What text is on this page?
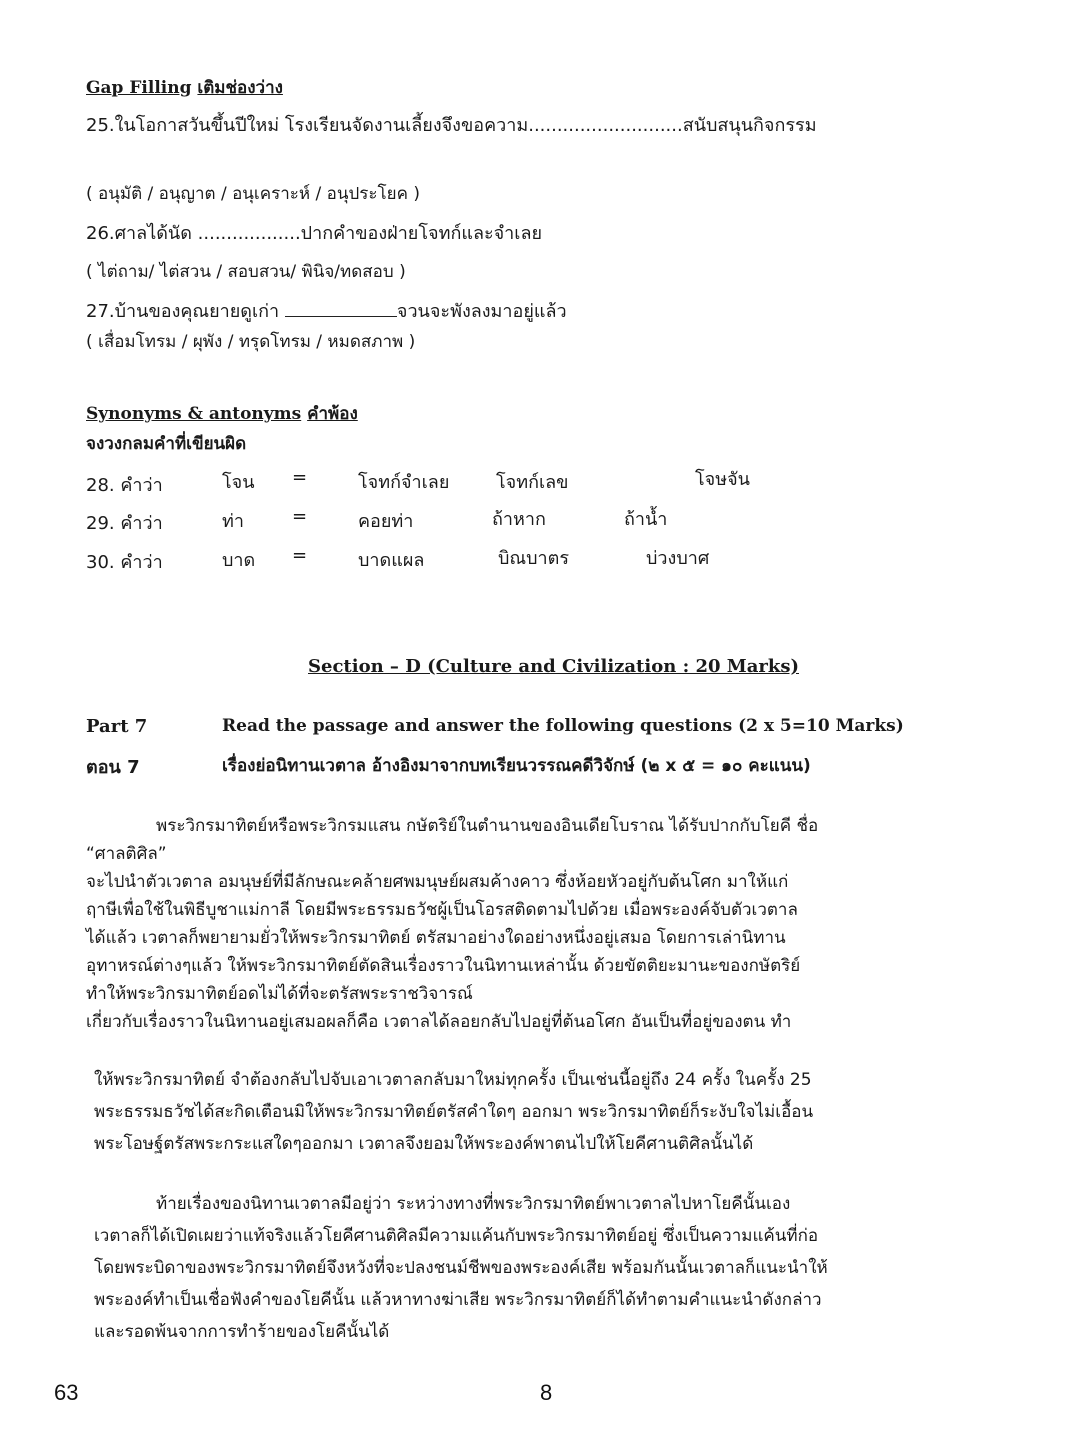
Gap Filling เติมช่องว่าง
25.ในโอกาสวันขึ้นปีใหม่ โรงเรียนจัดงานเลี้ยงจึงขอความ...........................สนับสนุนกิจกรรม
( อนุมัติ / อนุญาต / อนุเคราะห์ / อนุประโยค )
26.ศาลได้นัด ..................ปากคำของฝ่ายโจทก์และจำเลย
( ไต่ถาม/ ไต่สวน / สอบสวน/ พินิจ/ทดสอบ )
27.บ้านของคุณยายดูเก่า	จวนจะพังลงมาอยู่แล้ว
( เสื่อมโทรม / ผุพัง / ทรุดโทรม / หมดสภาพ )
Synonyms & antonyms คำพ้อง
จงวงกลมคำที่เขียนผิด
28. คำว่า	โจน =	โจทก์จำเลย	โจทก์เลข	โจษจัน
29. คำว่า	ท่า	=	คอยท่า	ถ้าหาก	ถ้าน้ำ
30. คำว่า	บาด =	บาดแผล	บิณบาตร	บ่วงบาศ
Section – D (Culture and Civilization : 20 Marks)
Part 7	Read the passage and answer the following questions (2 x 5=10 Marks)
ตอน 7	เรื่องย่อนิทานเวตาล อ้างอิงมาจากบทเรียนวรรณคดีวิจักษ์ (๒ x ๕ = ๑๐ คะแนน)
พระวิกรมาทิตย์หรือพระวิกรมแสน กษัตริย์ในตำนานของอินเดียโบราณ ได้รับปากกับโยคี ชื่อ
“ศาลติศิล”
จะไปนำตัวเวตาล อมนุษย์ที่มีลักษณะคล้ายศพมนุษย์ผสมค้างคาว ซึ่งห้อยหัวอยู่กับต้นโศก มาให้แก่
ฤาษีเพื่อใช้ในพิธีบูชาแม่กาลี โดยมีพระธรรมธวัชผู้เป็นโอรสติดตามไปด้วย เมื่อพระองค์จับตัวเวตาล
ได้แล้ว เวตาลก็พยายามยั่วให้พระวิกรมาทิตย์ ตรัสมาอย่างใดอย่างหนึ่งอยู่เสมอ โดยการเล่านิทาน
อุทาหรณ์ต่างๆแล้ว ให้พระวิกรมาทิตย์ตัดสินเรื่องราวในนิทานเหล่านั้น ด้วยขัตติยะมานะของกษัตริย์
ทำให้พระวิกรมาทิตย์อดไม่ได้ที่จะตรัสพระราชวิจารณ์
เกี่ยวกับเรื่องราวในนิทานอยู่เสมอผลก็คือ เวตาลได้ลอยกลับไปอยู่ที่ต้นอโศก อันเป็นที่อยู่ของตน ทำ
ให้พระวิกรมาทิตย์ จำต้องกลับไปจับเอาเวตาลกลับมาใหม่ทุกครั้ง เป็นเช่นนี้อยู่ถึง 24 ครั้ง ในครั้ง 25
พระธรรมธวัชได้สะกิดเตือนมิให้พระวิกรมาทิตย์ตรัสคำใดๆ ออกมา พระวิกรมาทิตย์ก็ระงับใจไม่เอื้อน
พระโอษฐ์ตรัสพระกระแสใดๆออกมา เวตาลจึงยอมให้พระองค์พาตนไปให้โยคีศานติศิลนั้นได้
ท้ายเรื่องของนิทานเวตาลมีอยู่ว่า ระหว่างทางที่พระวิกรมาทิตย์พาเวตาลไปหาโยคีนั้นเอง
เวตาลก็ได้เปิดเผยว่าแท้จริงแล้วโยคีศานติศิลมีความแค้นกับพระวิกรมาทิตย์อยู่ ซึ่งเป็นความแค้นที่ก่อ
โดยพระบิดาของพระวิกรมาทิตย์จึงหวังที่จะปลงชนม์ชีพของพระองค์เสีย พร้อมกันนั้นเวตาลก็แนะนำให้
พระองค์ทำเป็นเชื่อฟังคำของโยคีนั้น แล้วหาทางฆ่าเสีย พระวิกรมาทิตย์ก็ได้ทำตามคำแนะนำดังกล่าว
และรอดพ้นจากการทำร้ายของโยคีนั้นได้
63	8
